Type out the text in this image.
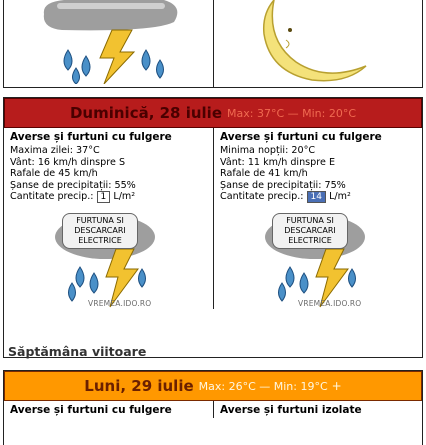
Duminică, 28 iulie Max: 37°C — Min: 20°C
Averse și furtuni cu fulgere
Maxima zilei: 37°C
Vânt: 16 km/h dinspre S
Rafale de 45 km/h
Șanse de precipitații: 55%
Cantitate precip.: 1 L/m²
FURTUNA SI
DESCARCARI
ELECTRICE
VREMEA.IDO.RO
Averse și furtuni cu fulgere
Minima nopții: 20°C
Vânt: 11 km/h dinspre E
Rafale de 41 km/h
Șanse de precipitații: 75%
Cantitate precip.: 14 L/m²
FURTUNA SI
DESCARCARI
ELECTRICE
VREMEA.IDO.RO
Săptămâna viitoare
Luni, 29 iulie Max: 26°C — Min: 19°C +
Averse și furtuni cu fulgere	Averse și furtuni izolate
